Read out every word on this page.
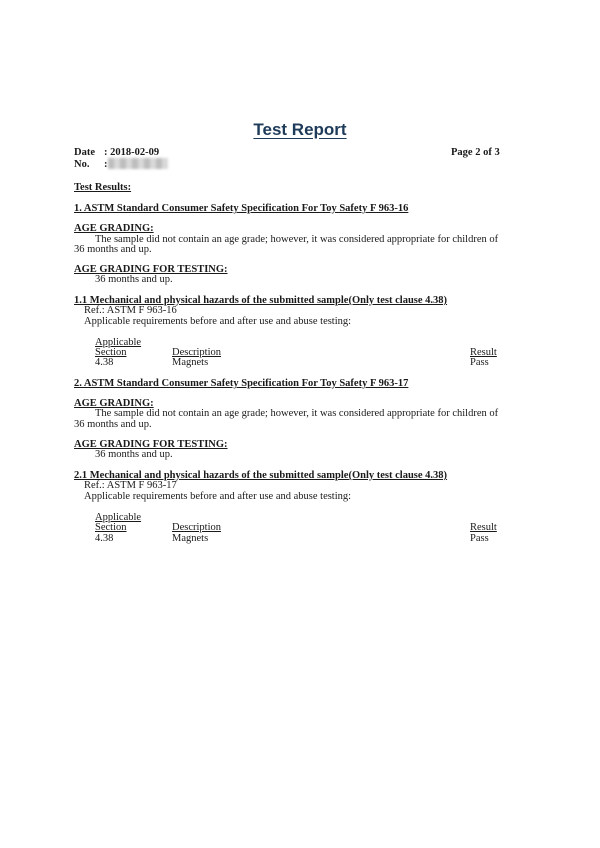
Test Report
Date : 2018-02-09	Page 2 of 3
No. :
Test Results:
1. ASTM Standard Consumer Safety Specification For Toy Safety F 963-16
AGE GRADING:
The sample did not contain an age grade; however, it was considered appropriate for children of
36 months and up.
AGE GRADING FOR TESTING:
36 months and up.
1.1 Mechanical and physical hazards of the submitted sample(Only test clause 4.38)
Ref.: ASTM F 963-16
Applicable requirements before and after use and abuse testing:
Applicable
Section	Description	Result
4.38	Magnets	Pass
2. ASTM Standard Consumer Safety Specification For Toy Safety F 963-17
AGE GRADING:
The sample did not contain an age grade; however, it was considered appropriate for children of
36 months and up.
AGE GRADING FOR TESTING:
36 months and up.
2.1 Mechanical and physical hazards of the submitted sample(Only test clause 4.38)
Ref.: ASTM F 963-17
Applicable requirements before and after use and abuse testing:
Applicable
Section	Description	Result
4.38	Magnets	Pass
